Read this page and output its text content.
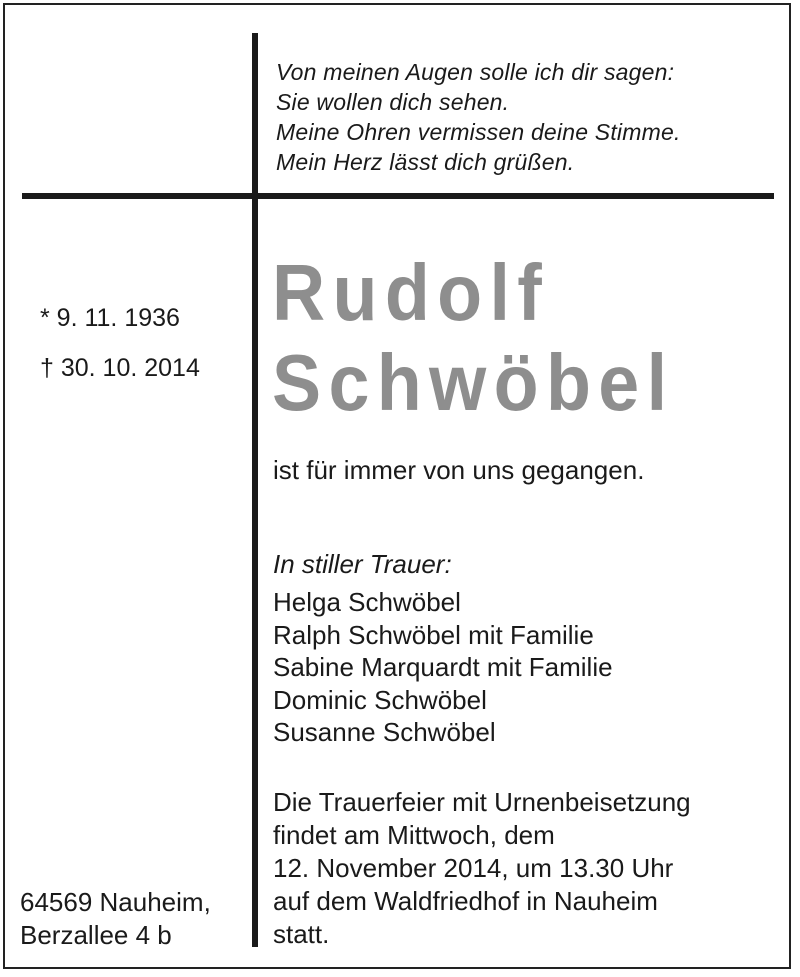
Von meinen Augen solle ich dir sagen:
Sie wollen dich sehen.
Meine Ohren vermissen deine Stimme.
Mein Herz lässt dich grüßen.
* 9. 11. 1936
† 30. 10. 2014
Rudolf
Schwöbel
ist für immer von uns gegangen.
In stiller Trauer:
Helga Schwöbel
Ralph Schwöbel mit Familie
Sabine Marquardt mit Familie
Dominic Schwöbel
Susanne Schwöbel
Die Trauerfeier mit Urnenbeisetzung
findet am Mittwoch, dem
12. November 2014, um 13.30 Uhr
auf dem Waldfriedhof in Nauheim
statt.
64569 Nauheim,
Berzallee 4 b
